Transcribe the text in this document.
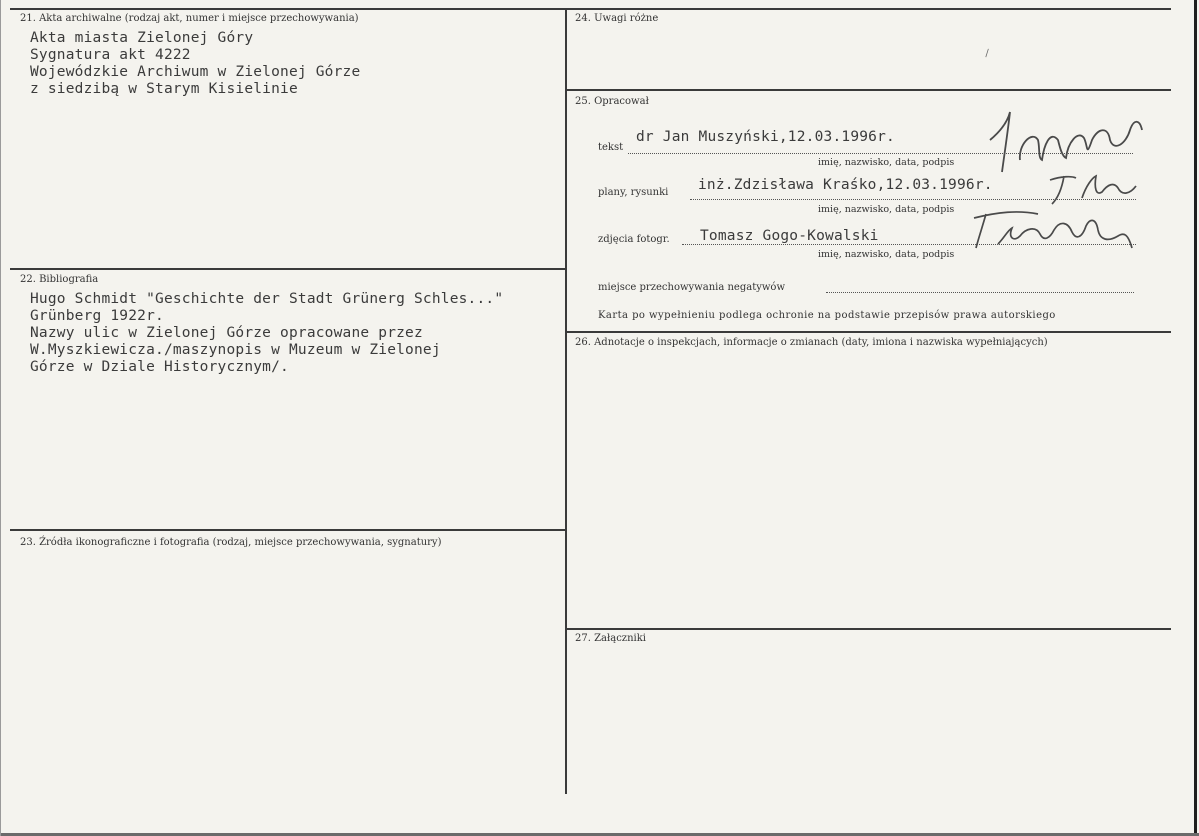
21. Akta archiwalne (rodzaj akt, numer i miejsce przechowywania)
Akta miasta Zielonej Góry
Sygnatura akt 4222
Wojewódzkie Archiwum w Zielonej Górze
z siedzibą w Starym Kisielinie
22. Bibliografia
Hugo Schmidt "Geschichte der Stadt Grünerg Schles..."
Grünberg 1922r.
Nazwy ulic w Zielonej Górze opracowane przez
W.Myszkiewicza./maszynopis w Muzeum w Zielonej
Górze w Dziale Historycznym/.
23. Źródła ikonograficzne i fotografia (rodzaj, miejsce przechowywania, sygnatury)
24. Uwagi różne
\
25. Opracował
tekst
dr Jan Muszyński,12.03.1996r.
imię, nazwisko, data, podpis
plany, rysunki inż.Zdzisława Kraśko,12.03.1996r.
imię, nazwisko, data, podpis
zdjęcia fotogr. Tomasz Gogo-Kowalski
imię, nazwisko, data, podpis
miejsce przechowywania negatywów
Karta po wypełnieniu podlega ochronie na podstawie przepisów prawa autorskiego
26. Adnotacje o inspekcjach, informacje o zmianach (daty, imiona i nazwiska wypełniających)
27. Załączniki
